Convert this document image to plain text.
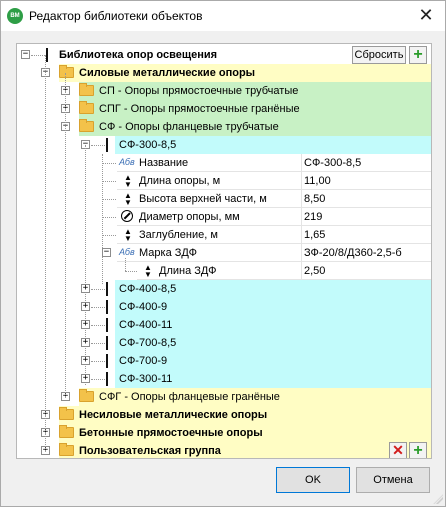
BM Редактор библиотеки объектов	✕
−	Библиотека опор освещения	Сбросить +
−	Силовые металлические опоры
+	СП - Опоры прямостоечные трубчатые
+	СПГ - Опоры прямостоечные гранёные
−	СФ - Опоры фланцевые трубчатые
−	СФ-300-8,5
Абв Название	СФ-300-8,5
▲
▼ Длина опоры, м	11,00
▲
▼ Высота верхней части, м	8,50
Диаметр опоры, мм	219
▲
▼ Заглубление, м	1,65
− Абв Марка ЗДФ	ЗФ-20/8/Д360-2,5-б
▲
▼ Длина ЗДФ	2,50
+	СФ-400-8,5
+	СФ-400-9
+	СФ-400-11
+	СФ-700-8,5
+	СФ-700-9
+	СФ-300-11
+	СФГ - Опоры фланцевые гранёные
+	Несиловые металлические опоры
+	Бетонные прямостоечные опоры
+	Пользовательская группа	✕ +
OK	Отмена
